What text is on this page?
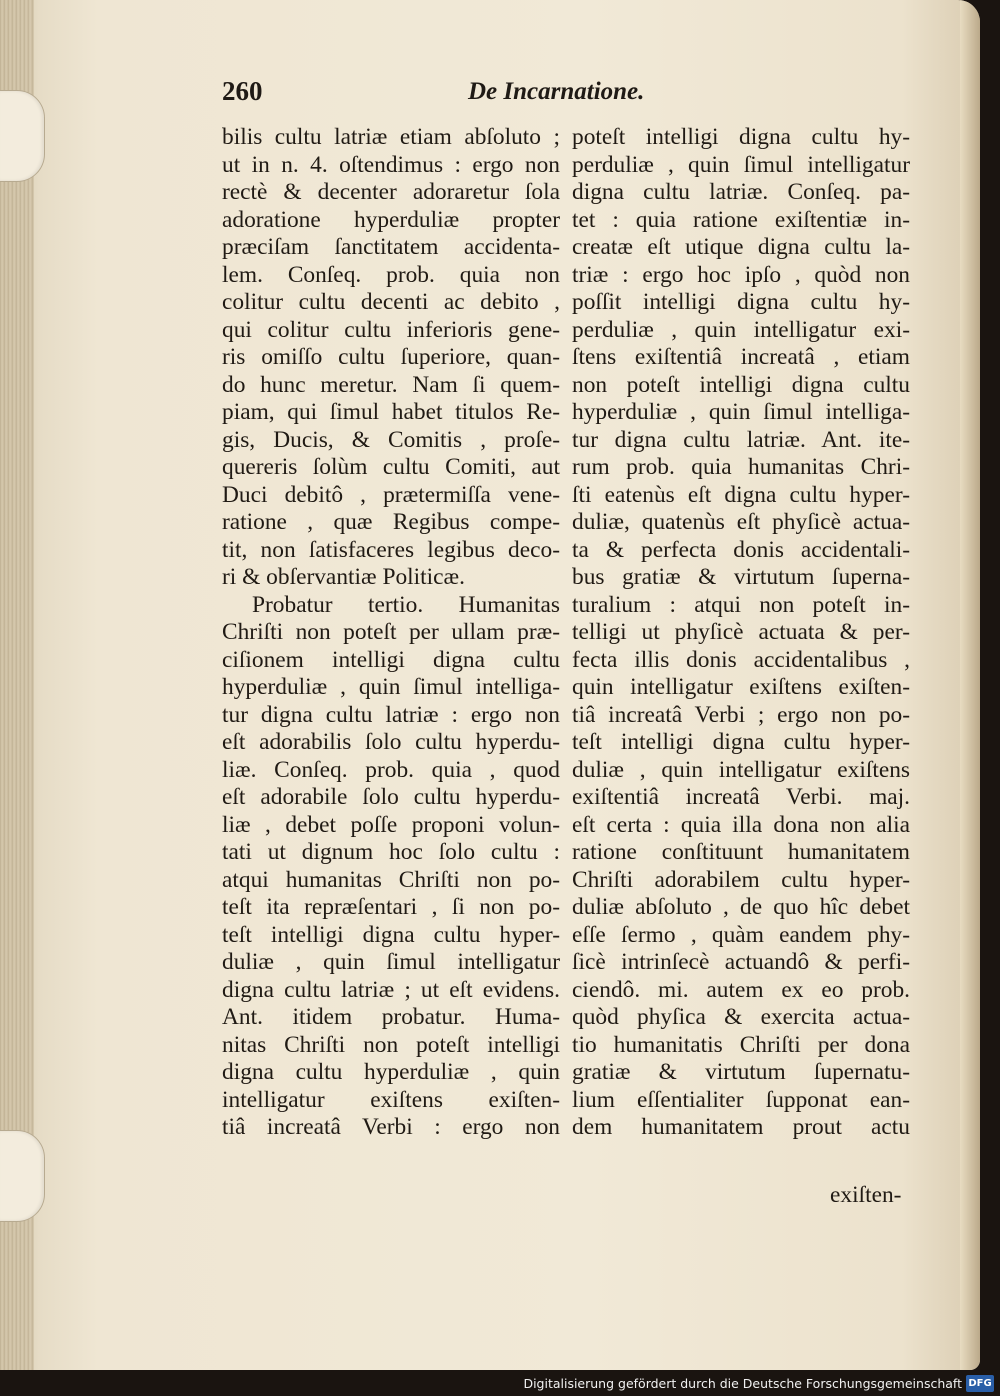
260	De Incarnatione.
bilis cultu latriæ etiam abſoluto ;
ut in n. 4. oſtendimus : ergo non
rectè & decenter adoraretur ſola
adoratione hyperduliæ propter
præciſam ſanctitatem accidenta-
lem. Conſeq. prob. quia non
colitur cultu decenti ac debito ,
qui colitur cultu inferioris gene-
ris omiſſo cultu ſuperiore, quan-
do hunc meretur. Nam ſi quem-
piam, qui ſimul habet titulos Re-
gis, Ducis, & Comitis , proſe-
quereris ſolùm cultu Comiti, aut
Duci debitô , prætermiſſa vene-
ratione , quæ Regibus compe-
tit, non ſatisfaceres legibus deco-
ri & obſervantiæ Politicæ.
Probatur tertio. Humanitas
Chriſti non poteſt per ullam præ-
ciſionem intelligi digna cultu
hyperduliæ , quin ſimul intelliga-
tur digna cultu latriæ : ergo non
eſt adorabilis ſolo cultu hyperdu-
liæ. Conſeq. prob. quia , quod
eſt adorabile ſolo cultu hyperdu-
liæ , debet poſſe proponi volun-
tati ut dignum hoc ſolo cultu :
atqui humanitas Chriſti non po-
teſt ita repræſentari , ſi non po-
teſt intelligi digna cultu hyper-
duliæ , quin ſimul intelligatur
digna cultu latriæ ; ut eſt evidens.
Ant. itidem probatur. Huma-
nitas Chriſti non poteſt intelligi
digna cultu hyperduliæ , quin
intelligatur exiſtens exiſten-
tiâ increatâ Verbi : ergo non
poteſt intelligi digna cultu hy-
perduliæ , quin ſimul intelligatur
digna cultu latriæ. Conſeq. pa-
tet : quia ratione exiſtentiæ in-
creatæ eſt utique digna cultu la-
triæ : ergo hoc ipſo , quòd non
poſſit intelligi digna cultu hy-
perduliæ , quin intelligatur exi-
ſtens exiſtentiâ increatâ , etiam
non poteſt intelligi digna cultu
hyperduliæ , quin ſimul intelliga-
tur digna cultu latriæ. Ant. ite-
rum prob. quia humanitas Chri-
ſti eatenùs eſt digna cultu hyper-
duliæ, quatenùs eſt phyſicè actua-
ta & perfecta donis accidentali-
bus gratiæ & virtutum ſuperna-
turalium : atqui non poteſt in-
telligi ut phyſicè actuata & per-
fecta illis donis accidentalibus ,
quin intelligatur exiſtens exiſten-
tiâ increatâ Verbi ; ergo non po-
teſt intelligi digna cultu hyper-
duliæ , quin intelligatur exiſtens
exiſtentiâ increatâ Verbi. maj.
eſt certa : quia illa dona non alia
ratione conſtituunt humanitatem
Chriſti adorabilem cultu hyper-
duliæ abſoluto , de quo hîc debet
eſſe ſermo , quàm eandem phy-
ſicè intrinſecè actuandô & perfi-
ciendô. mi. autem ex eo prob.
quòd phyſica & exercita actua-
tio humanitatis Chriſti per dona
gratiæ & virtutum ſupernatu-
lium eſſentialiter ſupponat ean-
dem humanitatem prout actu
exiſten-
Digitalisierung gefördert durch die Deutsche Forschungsgemeinschaft DFG
